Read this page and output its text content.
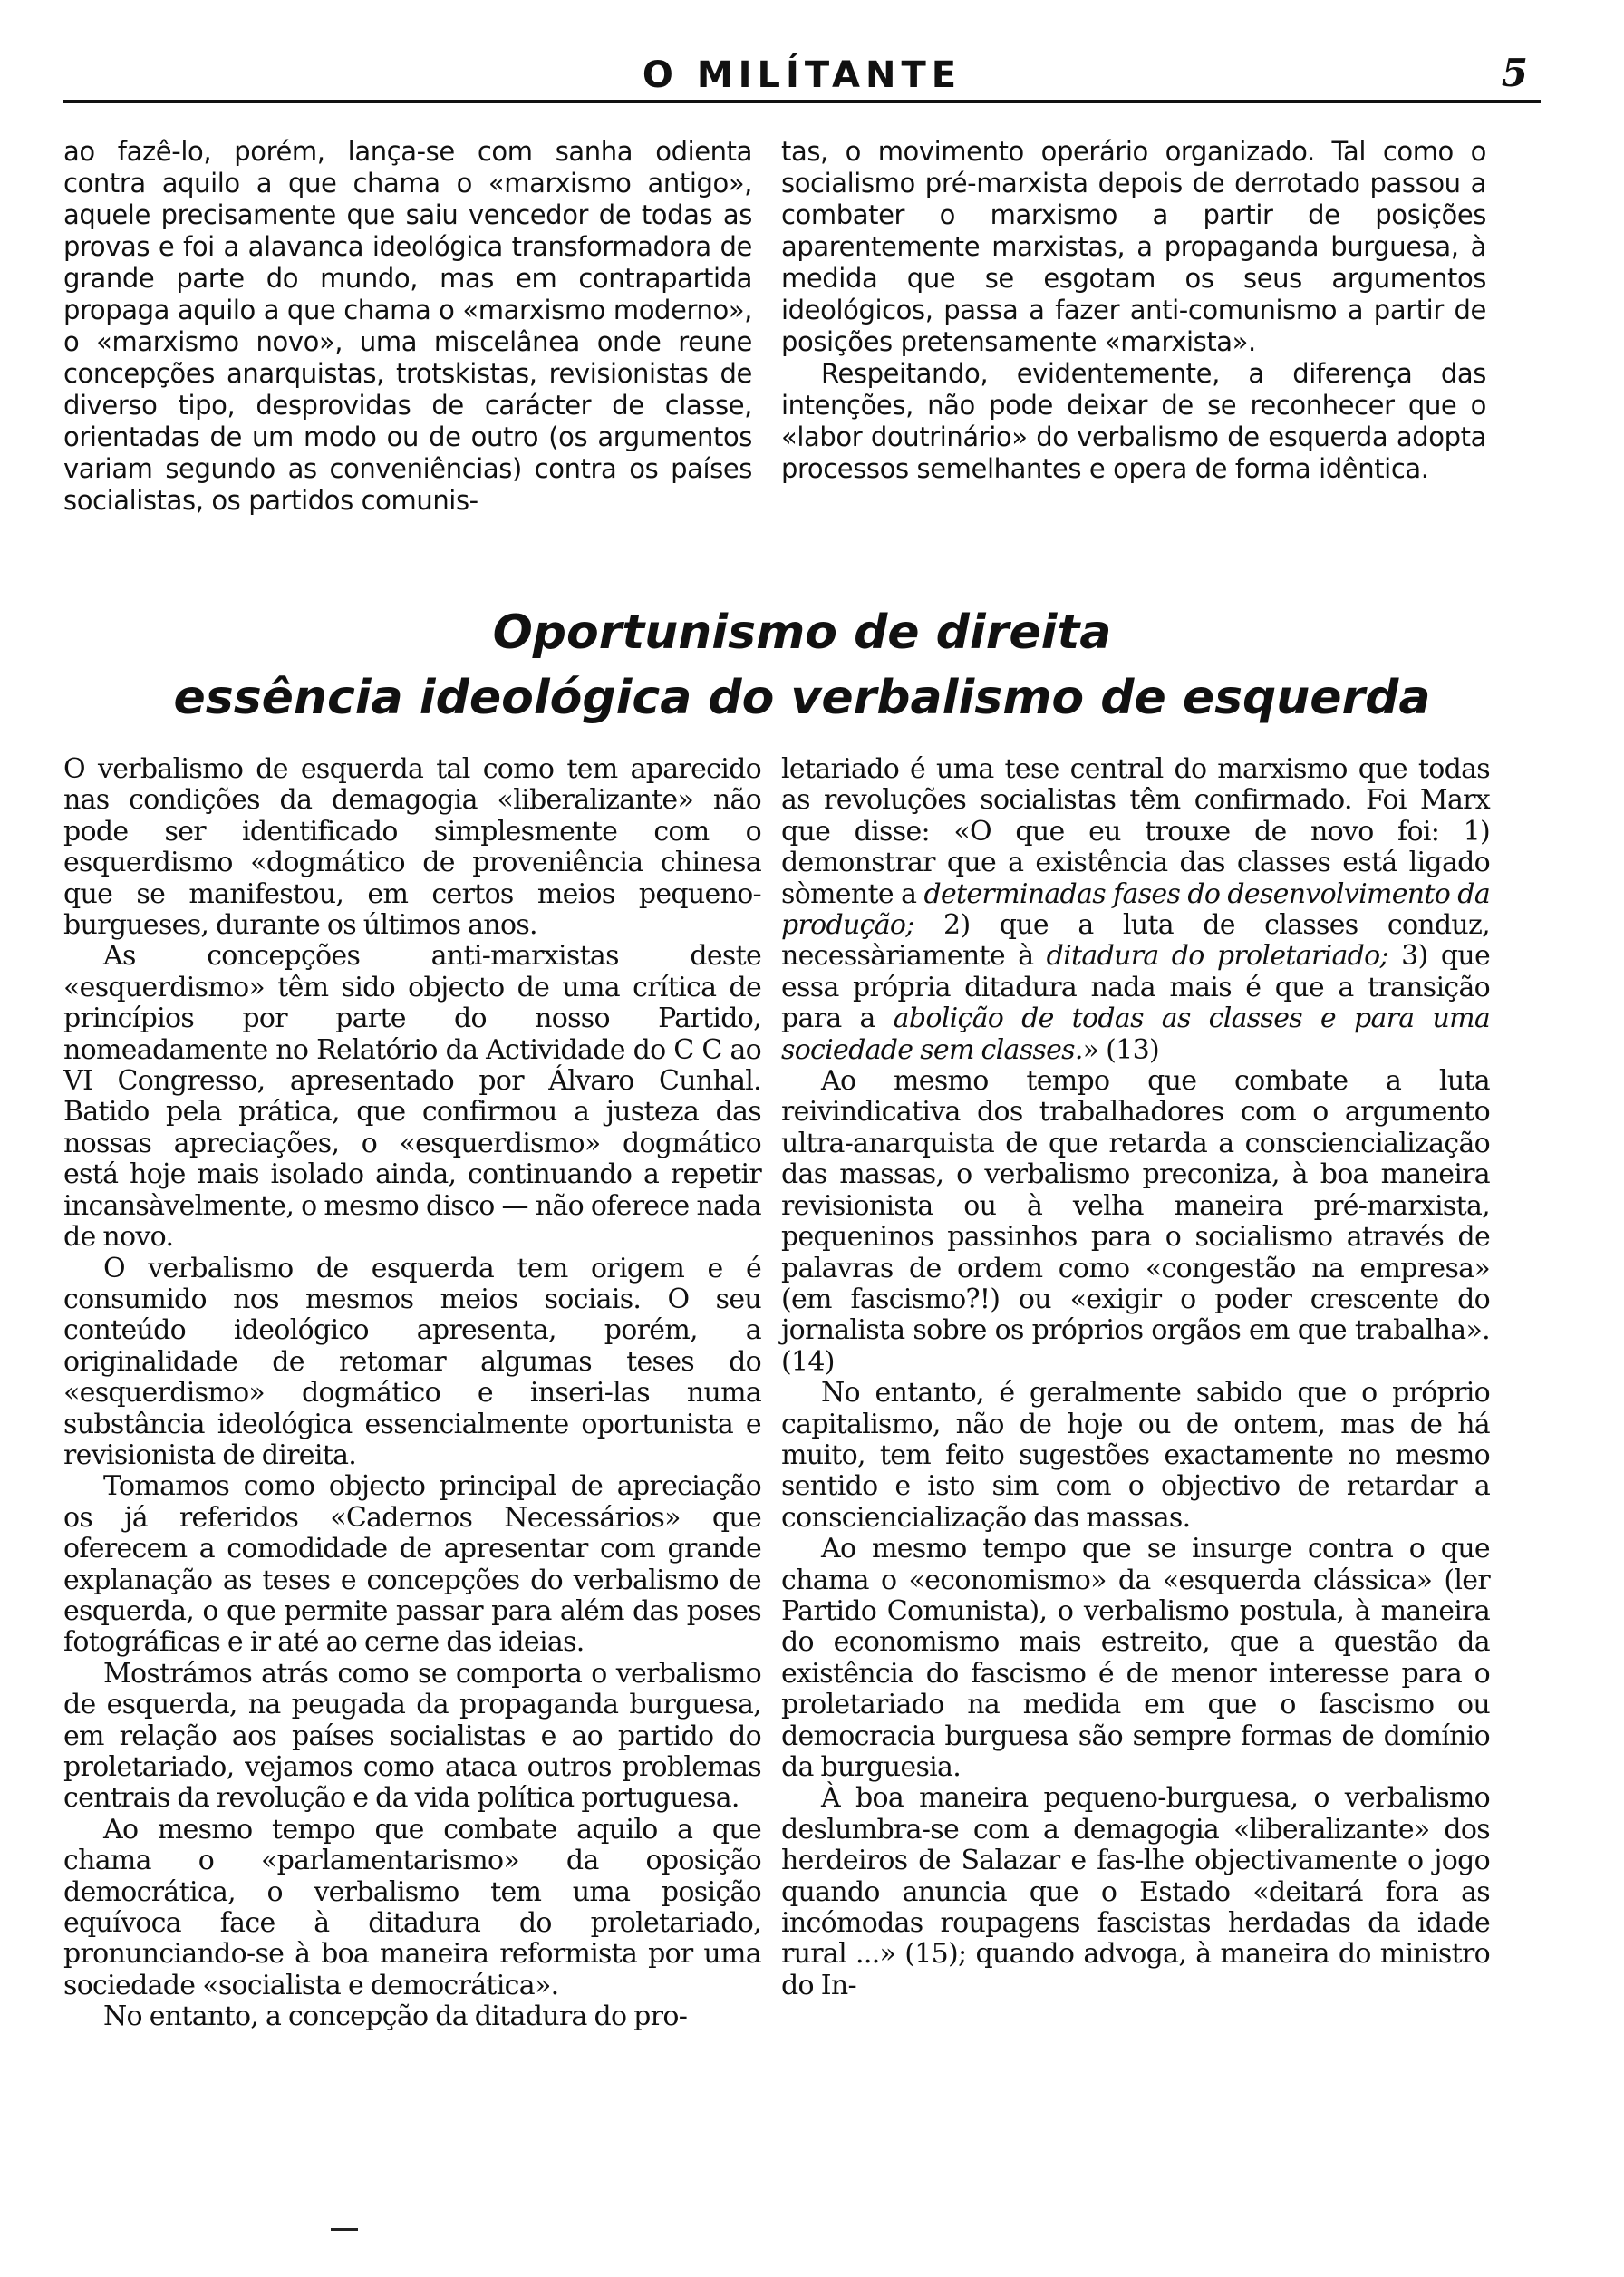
O MILÍTANTE	5

ao fazê-lo, porém, lança-se com sanha odienta contra aquilo a que chama o «marxismo antigo», aquele precisamente que saiu vencedor de todas as provas e foi a alavanca ideológica transformadora de grande parte do mundo, mas em contrapartida propaga aquilo a que chama o «marxismo moderno», o «marxismo novo», uma miscelânea onde reune concepções anarquistas, trotskistas, revisionistas de diverso tipo, desprovidas de carácter de classe, orientadas de um modo ou de outro (os argumentos variam segundo as conveniências) contra os países socialistas, os partidos comunis-

tas, o movimento operário organizado. Tal como o socialismo pré-marxista depois de derrotado passou a combater o marxismo a partir de posições aparentemente marxistas, a propaganda burguesa, à medida que se esgotam os seus argumentos ideológicos, passa a fazer anti-comunismo a partir de posições pretensamente «marxista».

Respeitando, evidentemente, a diferença das intenções, não pode deixar de se reconhecer que o «labor doutrinário» do verbalismo de esquerda adopta processos semelhantes e opera de forma idêntica.

Oportunismo de direita
essência ideológica do verbalismo de esquerda

O verbalismo de esquerda tal como tem aparecido nas condições da demagogia «liberalizante» não pode ser identificado simplesmente com o esquerdismo «dogmático de proveniência chinesa que se manifestou, em certos meios pequeno-burgueses, durante os últimos anos.

As concepções anti-marxistas deste «esquerdismo» têm sido objecto de uma crítica de princípios por parte do nosso Partido, nomeadamente no Relatório da Actividade do C C ao VI Congresso, apresentado por Álvaro Cunhal. Batido pela prática, que confirmou a justeza das nossas apreciações, o «esquerdismo» dogmático está hoje mais isolado ainda, continuando a repetir incansàvelmente, o mesmo disco — não oferece nada de novo.

O verbalismo de esquerda tem origem e é consumido nos mesmos meios sociais. O seu conteúdo ideológico apresenta, porém, a originalidade de retomar algumas teses do «esquerdismo» dogmático e inseri-las numa substância ideológica essencialmente oportunista e revisionista de direita.

Tomamos como objecto principal de apreciação os já referidos «Cadernos Necessários» que oferecem a comodidade de apresentar com grande explanação as teses e concepções do verbalismo de esquerda, o que permite passar para além das poses fotográficas e ir até ao cerne das ideias.

Mostrámos atrás como se comporta o verbalismo de esquerda, na peugada da propaganda burguesa, em relação aos países socialistas e ao partido do proletariado, vejamos como ataca outros problemas centrais da revolução e da vida política portuguesa.

Ao mesmo tempo que combate aquilo a que chama o «parlamentarismo» da oposição democrática, o verbalismo tem uma posição equívoca face à ditadura do proletariado, pronunciando-se à boa maneira reformista por uma sociedade «socialista e democrática».

No entanto, a concepção da ditadura do pro-

letariado é uma tese central do marxismo que todas as revoluções socialistas têm confirmado. Foi Marx que disse: «O que eu trouxe de novo foi: 1) demonstrar que a existência das classes está ligado sòmente a determinadas fases do desenvolvimento da produção; 2) que a luta de classes conduz, necessàriamente à ditadura do proletariado; 3) que essa própria ditadura nada mais é que a transição para a abolição de todas as classes e para uma sociedade sem classes.» (13)

Ao mesmo tempo que combate a luta reivindicativa dos trabalhadores com o argumento ultra-anarquista de que retarda a consciencialização das massas, o verbalismo preconiza, à boa maneira revisionista ou à velha maneira pré-marxista, pequeninos passinhos para o socialismo através de palavras de ordem como «congestão na empresa» (em fascismo?!) ou «exigir o poder crescente do jornalista sobre os próprios orgãos em que trabalha». (14)

No entanto, é geralmente sabido que o próprio capitalismo, não de hoje ou de ontem, mas de há muito, tem feito sugestões exactamente no mesmo sentido e isto sim com o objectivo de retardar a consciencialização das massas.

Ao mesmo tempo que se insurge contra o que chama o «economismo» da «esquerda clássica» (ler Partido Comunista), o verbalismo postula, à maneira do economismo mais estreito, que a questão da existência do fascismo é de menor interesse para o proletariado na medida em que o fascismo ou democracia burguesa são sempre formas de domínio da burguesia.

À boa maneira pequeno-burguesa, o verbalismo deslumbra-se com a demagogia «liberalizante» dos herdeiros de Salazar e fas-lhe objectivamente o jogo quando anuncia que o Estado «deitará fora as incómodas roupagens fascistas herdadas da idade rural ...» (15); quando advoga, à maneira do ministro do In-
